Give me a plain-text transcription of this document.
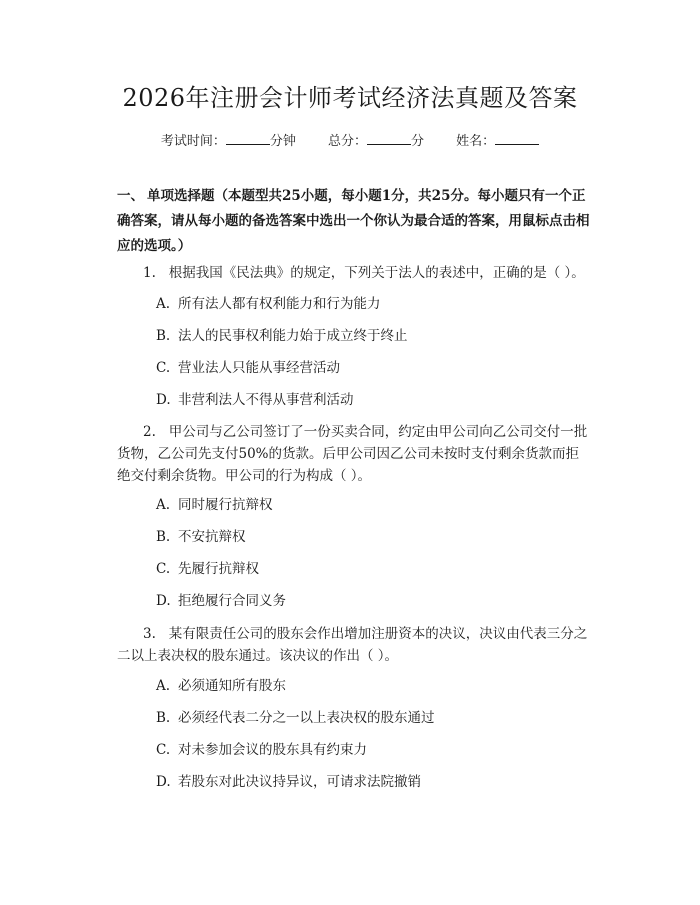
2026年注册会计师考试经济法真题及答案
考试时间：	分钟 总分：	分 姓名：
一、 单项选择题（本题型共25小题，每小题1分，共25分。每小题只有一个正确答案，请从每小题的备选答案中选出一个你认为最合适的答案，用鼠标点击相应的选项。）
1. 根据我国《民法典》的规定，下列关于法人的表述中，正确的是（ ）。
A. 所有法人都有权利能力和行为能力
B. 法人的民事权利能力始于成立终于终止
C. 营业法人只能从事经营活动
D. 非营利法人不得从事营利活动
2. 甲公司与乙公司签订了一份买卖合同，约定由甲公司向乙公司交付一批货物，乙公司先支付50%的货款。后甲公司因乙公司未按时支付剩余货款而拒绝交付剩余货物。甲公司的行为构成（ ）。
A. 同时履行抗辩权
B. 不安抗辩权
C. 先履行抗辩权
D. 拒绝履行合同义务
3. 某有限责任公司的股东会作出增加注册资本的决议，决议由代表三分之二以上表决权的股东通过。该决议的作出（ ）。
A. 必须通知所有股东
B. 必须经代表二分之一以上表决权的股东通过
C. 对未参加会议的股东具有约束力
D. 若股东对此决议持异议，可请求法院撤销
